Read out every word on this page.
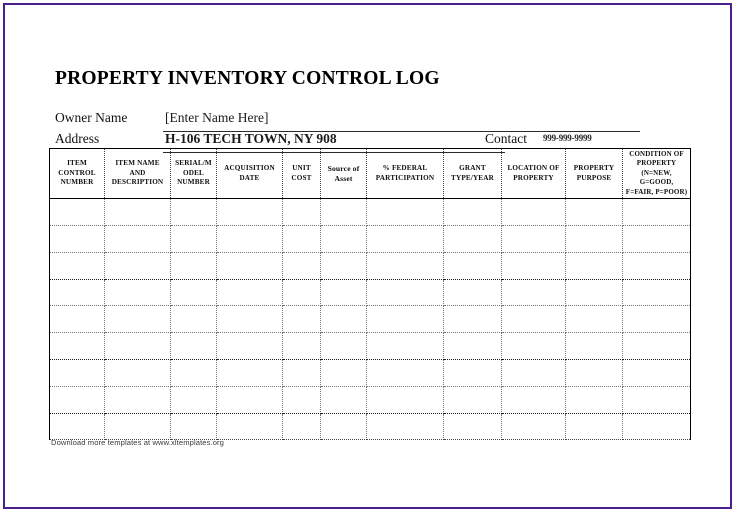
PROPERTY INVENTORY CONTROL LOG
Owner Name	[Enter Name Here]
Address	H-106 TECH TOWN, NY 908	Contact 999-999-9999
ITEM CONTROL NUMBER	ITEM NAME AND DESCRIPTION	SERIAL/MODEL NUMBER	ACQUISITION DATE	UNIT COST	Source of Asset	% FEDERAL PARTICIPATION	GRANT TYPE/YEAR	LOCATION OF PROPERTY	PROPERTY PURPOSE	CONDITION OF PROPERTY (N=NEW, G=GOOD, F=FAIR, P=POOR)

Download more templates at www.xltemplates.org
